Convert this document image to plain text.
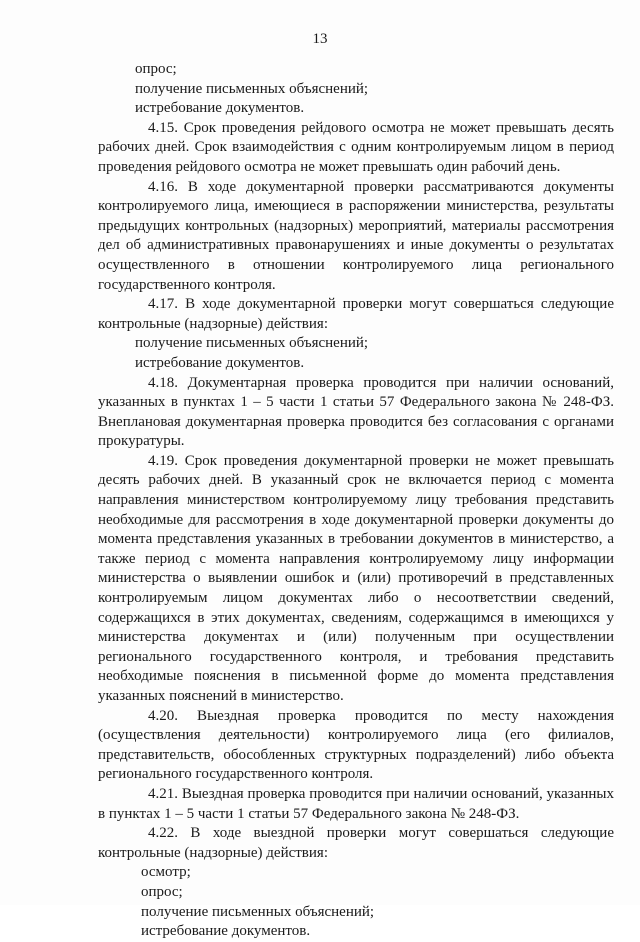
13

опрос;

получение письменных объяснений;

истребование документов.

4.15. Срок проведения рейдового осмотра не может превышать десять рабочих дней. Срок взаимодействия с одним контролируемым лицом в период проведения рейдового осмотра не может превышать один рабочий день.

4.16. В ходе документарной проверки рассматриваются документы контролируемого лица, имеющиеся в распоряжении министерства, результаты предыдущих контрольных (надзорных) мероприятий, материалы рассмотрения дел об административных правонарушениях и иные документы о результатах осуществленного в отношении контролируемого лица регионального государственного контроля.

4.17. В ходе документарной проверки могут совершаться следующие контрольные (надзорные) действия:

получение письменных объяснений;

истребование документов.

4.18. Документарная проверка проводится при наличии оснований, указанных в пунктах 1 – 5 части 1 статьи 57 Федерального закона № 248-ФЗ. Внеплановая документарная проверка проводится без согласования с органами прокуратуры.

4.19. Срок проведения документарной проверки не может превышать десять рабочих дней. В указанный срок не включается период с момента направления министерством контролируемому лицу требования представить необходимые для рассмотрения в ходе документарной проверки документы до момента представления указанных в требовании документов в министерство, а также период с момента направления контролируемому лицу информации министерства о выявлении ошибок и (или) противоречий в представленных контролируемым лицом документах либо о несоответствии сведений, содержащихся в этих документах, сведениям, содержащимся в имеющихся у министерства документах и (или) полученным при осуществлении регионального государственного контроля, и требования представить необходимые пояснения в письменной форме до момента представления указанных пояснений в министерство.

4.20. Выездная проверка проводится по месту нахождения (осуществления деятельности) контролируемого лица (его филиалов, представительств, обособленных структурных подразделений) либо объекта регионального государственного контроля.

4.21. Выездная проверка проводится при наличии оснований, указанных в пунктах 1 – 5 части 1 статьи 57 Федерального закона № 248-ФЗ.

4.22. В ходе выездной проверки могут совершаться следующие контрольные (надзорные) действия:

осмотр;

опрос;

получение письменных объяснений;

истребование документов.
